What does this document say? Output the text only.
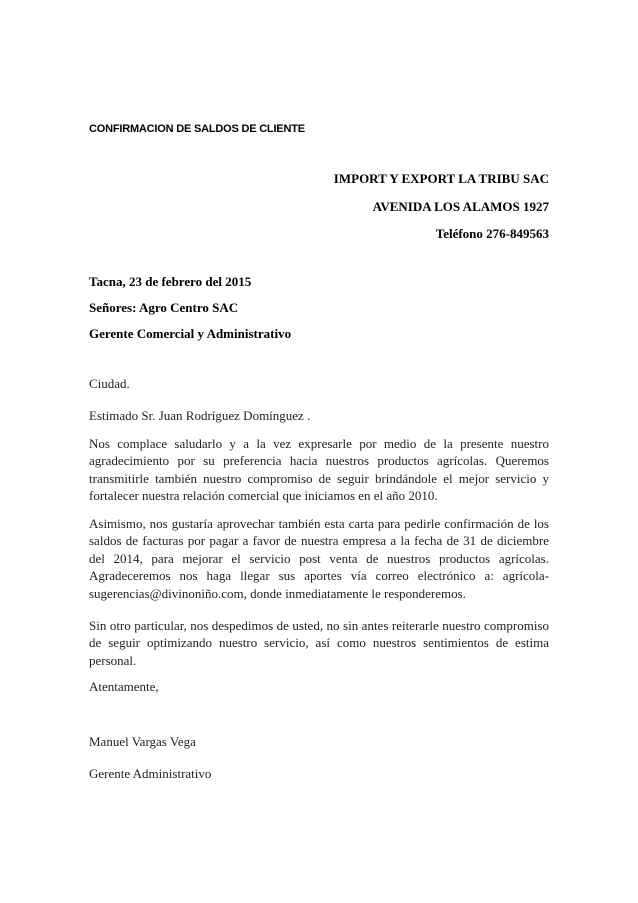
CONFIRMACION DE SALDOS DE CLIENTE
IMPORT Y EXPORT LA TRIBU SAC
AVENIDA LOS ALAMOS 1927
Teléfono 276-849563
Tacna, 23 de febrero del 2015
Señores: Agro Centro SAC
Gerente Comercial y Administrativo
Ciudad.
Estimado Sr. Juan Rodríguez Domínguez .
Nos complace saludarlo y a la vez expresarle por medio de la presente nuestro agradecimiento por su preferencia hacia nuestros productos agrícolas. Queremos transmitirle también nuestro compromiso de seguir brindándole el mejor servicio y fortalecer nuestra relación comercial que iniciamos en el año 2010.
Asimismo, nos gustaría aprovechar también esta carta para pedirle confirmación de los saldos de facturas por pagar a favor de nuestra empresa a la fecha de 31 de diciembre del 2014, para mejorar el servicio post venta de nuestros productos agrícolas. Agradeceremos nos haga llegar sus aportes vía correo electrónico a: agrícola-sugerencias@divinoniño.com, donde inmediatamente le responderemos.
Sin otro particular, nos despedimos de usted, no sin antes reiterarle nuestro compromiso de seguir optimizando nuestro servicio, así como nuestros sentimientos de estima personal.
Atentamente,
Manuel Vargas Vega
Gerente Administrativo
